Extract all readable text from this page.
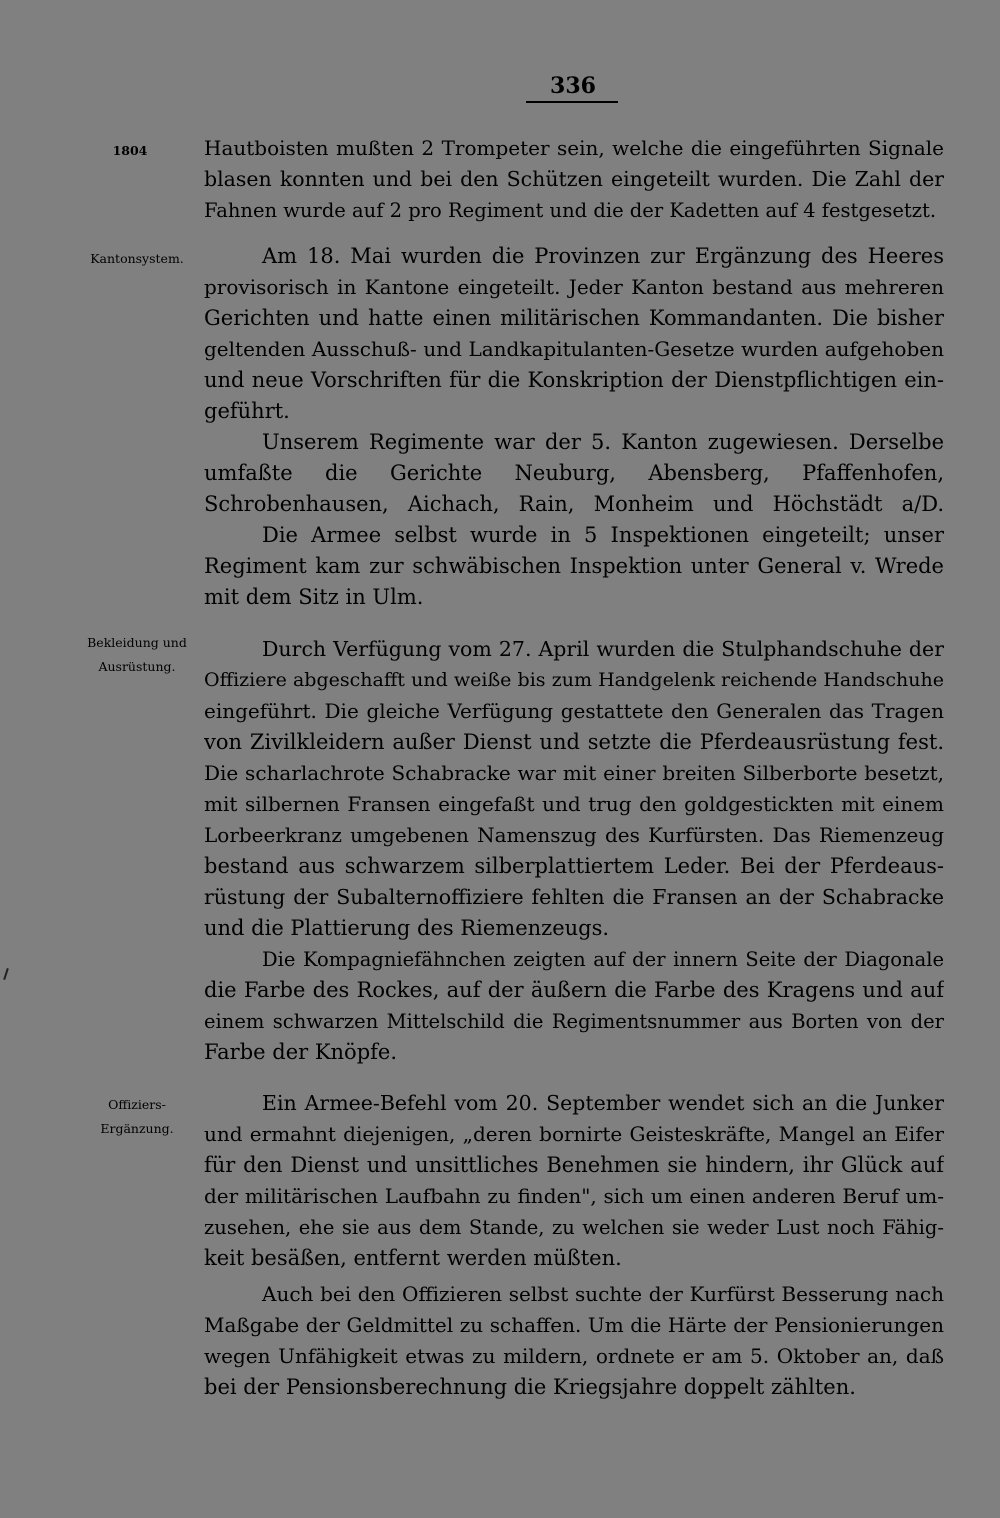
336
1804
Kantonsystem.
Bekleidung und
Ausrüstung.
Offiziers-
Ergänzung.
Hautboisten mußten 2 Trompeter sein, welche die eingeführten Signale
blasen konnten und bei den Schützen eingeteilt wurden. Die Zahl der
Fahnen wurde auf 2 pro Regiment und die der Kadetten auf 4 festgesetzt.
Am 18. Mai wurden die Provinzen zur Ergänzung des Heeres
provisorisch in Kantone eingeteilt. Jeder Kanton bestand aus mehreren
Gerichten und hatte einen militärischen Kommandanten. Die bisher
geltenden Ausschuß- und Landkapitulanten-Gesetze wurden aufgehoben
und neue Vorschriften für die Konskription der Dienstpflichtigen ein-
geführt.
Unserem Regimente war der 5. Kanton zugewiesen. Derselbe
umfaßte die Gerichte Neuburg, Abensberg, Pfaffenhofen,
Schrobenhausen, Aichach, Rain, Monheim und Höchstädt a/D.
Die Armee selbst wurde in 5 Inspektionen eingeteilt; unser
Regiment kam zur schwäbischen Inspektion unter General v. Wrede
mit dem Sitz in Ulm.
Durch Verfügung vom 27. April wurden die Stulphandschuhe der
Offiziere abgeschafft und weiße bis zum Handgelenk reichende Handschuhe
eingeführt. Die gleiche Verfügung gestattete den Generalen das Tragen
von Zivilkleidern außer Dienst und setzte die Pferdeausrüstung fest.
Die scharlachrote Schabracke war mit einer breiten Silberborte besetzt,
mit silbernen Fransen eingefaßt und trug den goldgestickten mit einem
Lorbeerkranz umgebenen Namenszug des Kurfürsten. Das Riemenzeug
bestand aus schwarzem silberplattiertem Leder. Bei der Pferdeaus-
rüstung der Subalternoffiziere fehlten die Fransen an der Schabracke
und die Plattierung des Riemenzeugs.
Die Kompagniefähnchen zeigten auf der innern Seite der Diagonale
die Farbe des Rockes, auf der äußern die Farbe des Kragens und auf
einem schwarzen Mittelschild die Regimentsnummer aus Borten von der
Farbe der Knöpfe.
Ein Armee-Befehl vom 20. September wendet sich an die Junker
und ermahnt diejenigen, „deren bornirte Geisteskräfte, Mangel an Eifer
für den Dienst und unsittliches Benehmen sie hindern, ihr Glück auf
der militärischen Laufbahn zu finden", sich um einen anderen Beruf um-
zusehen, ehe sie aus dem Stande, zu welchen sie weder Lust noch Fähig-
keit besäßen, entfernt werden müßten.
Auch bei den Offizieren selbst suchte der Kurfürst Besserung nach
Maßgabe der Geldmittel zu schaffen. Um die Härte der Pensionierungen
wegen Unfähigkeit etwas zu mildern, ordnete er am 5. Oktober an, daß
bei der Pensionsberechnung die Kriegsjahre doppelt zählten.
